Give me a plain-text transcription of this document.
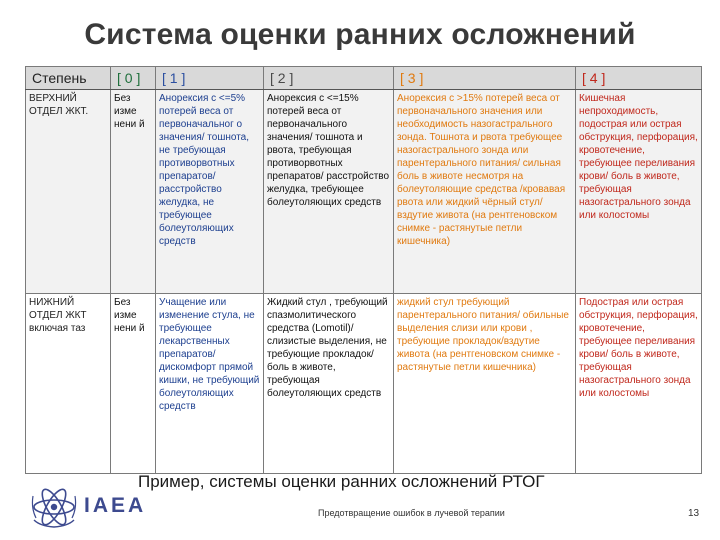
Система оценки ранних осложнений
Степень	[ 0 ]	[ 1 ]	[ 2 ]	[ 3 ]	[ 4 ]
ВЕРХНИЙ ОТДЕЛ ЖКТ.	Без изме нени й	Анорексия с <=5% потерей веса от первоначальног о значения/ тошнота, не требующая противорвотных препаратов/ расстройство желудка, не требующее болеутоляющих средств	Анорексия с <=15% потерей веса от первоначального значения/ тошнота и рвота, требующая противорвотных препаратов/ расстройство желудка, требующее болеутоляющих средств	Анорексия с >15% потерей веса от первоначального значения или необходимость назогастрального зонда. Тошнота и рвота требующее назогастрального зонда или парентерального питания/ сильная боль в животе несмотря на болеутоляющие средства /кровавая рвота или жидкий чёрный стул/ вздутие живота (на рентгеновском снимке - растянутые петли кишечника)	Кишечная непроходимость, подострая или острая обструкция, перфорация, кровотечение, требующее переливания крови/ боль в животе, требующая назогастрального зонда или колостомы
НИЖНИЙ ОТДЕЛ ЖКТ включая таз	Без изме нени й	Учащение или изменение стула, не требующее лекарственных препаратов/ дискомфорт прямой кишки, не требующий болеутоляющих средств	Жидкий стул , требующий спазмолитического средства (Lomotil)/ слизистые выделения, не требующие прокладок/ боль в животе, требующая болеутоляющих средств	жидкий стул требующий парентерального питания/ обильные выделения слизи или крови , требующие прокладок/вздутие живота (на рентгеновском снимке - растянутые петли кишечника)	Подострая или острая обструкция, перфорация, кровотечение, требующее переливания крови/ боль в животе, требующая назогастрального зонда или колостомы
Пример, системы оценки ранних осложнений РТОГ
IAEA	Предотвращение ошибок в лучевой терапии	13
